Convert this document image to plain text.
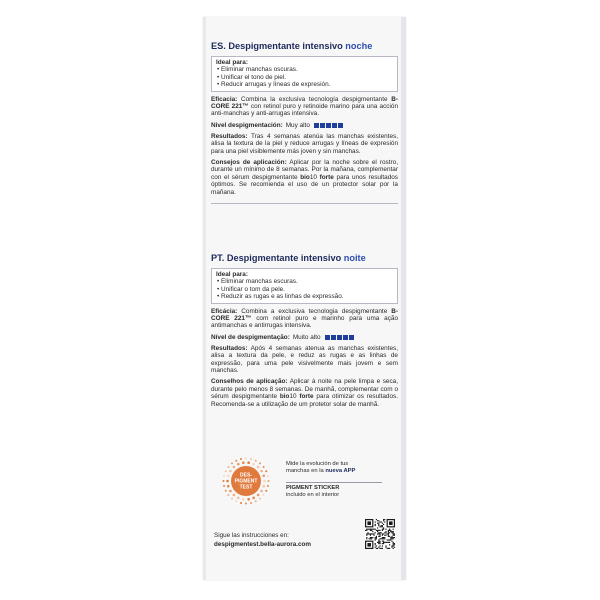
ES. Despigmentante intensivo noche
Ideal para:
• Eliminar manchas oscuras.
• Unificar el tono de piel.
• Reducir arrugas y líneas de expresión.
Eficacia: Combina la exclusiva tecnología despigmentante B-CORE 221™ con retinol puro y retinoide marino para una acción anti-manchas y anti-arrugas intensiva.
Nivel despigmentación: Muy alto
Resultados: Tras 4 semanas atenúa las manchas existentes, alisa la textura de la piel y reduce arrugas y líneas de expresión para una piel visiblemente más joven y sin manchas.
Consejos de aplicación: Aplicar por la noche sobre el rostro, durante un mínimo de 8 semanas. Por la mañana, complementar con el sérum despigmentante bio10 forte para unos resultados óptimos. Se recomienda el uso de un protector solar por la mañana.
PT. Despigmentante intensivo noite
Ideal para:
• Eliminar manchas escuras.
• Unificar o tom da pele.
• Reduzir as rugas e as linhas de expressão.
Eficácia: Combina a exclusiva tecnologia despigmentante B-CORE 221™ com retinol puro e marinho para uma ação antimanchas e antirrugas intensiva.
Nível de despigmentação: Muito alto
Resultados: Após 4 semanas atenua as manchas existentes, alisa a textura da pele, e reduz as rugas e as linhas de expressão, para uma pele visivelmente mais jovem e sem manchas.
Conselhos de aplicação: Aplicar à noite na pele limpa e seca, durante pelo menos 8 semanas. De manhã, complementar com o sérum despigmentante bio10 forte para otimizar os resultados. Recomenda-se a utilização de um protetor solar de manhã.
DES-
PIGMENT
TEST
Mide la evolución de tus
manchas en la nueva APP
PIGMENT STICKER
incluido en el interior
Sigue las instrucciones en:
despigmentest.bella-aurora.com
